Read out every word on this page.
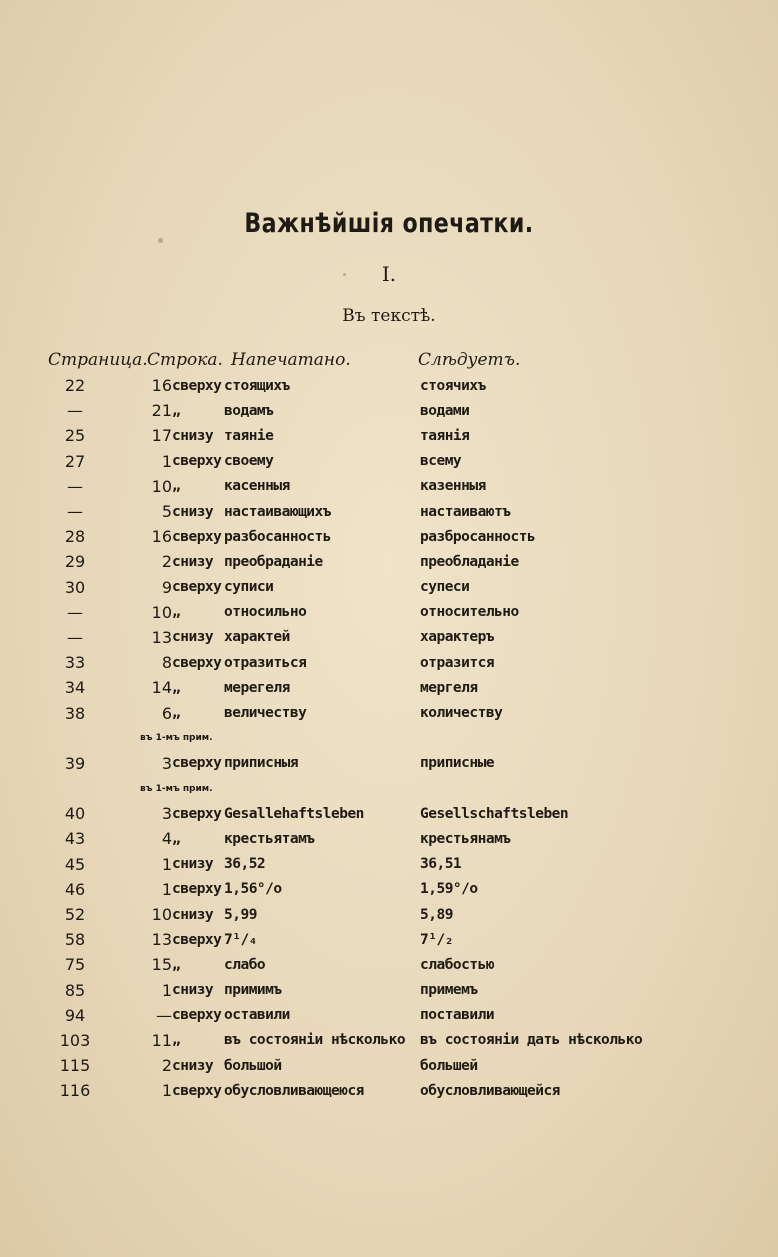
Важнѣйшія опечатки.
I.
Въ текстѣ.
Страница. Строка. Напечатано.	Слѣдуетъ.
22	16	сверху	стоящихъ	стоячихъ
—	21	„	водамъ	водами
25	17	снизу	таяніе	таянія
27	1	сверху	своему	всему
—	10	„	касенныя	казенныя
—	5	снизу	настаивающихъ	настаиваютъ
28	16	сверху	разбосанность	разбросанность
29	2	снизу	преобраданіе	преобладаніе
30	9	сверху	суписи	супеси
—	10	„	относильно	относительно
—	13	снизу	характей	характеръ
33	8	сверху	отразиться	отразится
34	14	„	мерегеля	мергеля
38	6	„	величеству	количеству
въ 1-мъ прим.				
39	3	сверху	приписныя	приписные
въ 1-мъ прим.				
40	3	сверху	Gesallehaftsleben	Gesellschaftsleben
43	4	„	крестьятамъ	крестьянамъ
45	1	снизу	36,52	36,51
46	1	сверху	1,56°/о	1,59°/о
52	10	снизу	5,99	5,89
58	13	сверху	7¹/₄	7¹/₂
75	15	„	слабо	слабостью
85	1	снизу	примимъ	примемъ
94	—	сверху	оставили	поставили
103	11	„	въ состояніи нѣсколько	въ состояніи дать нѣсколько
115	2	снизу	большой	большей
116	1	сверху	обусловливающеюся	обусловливающейся
